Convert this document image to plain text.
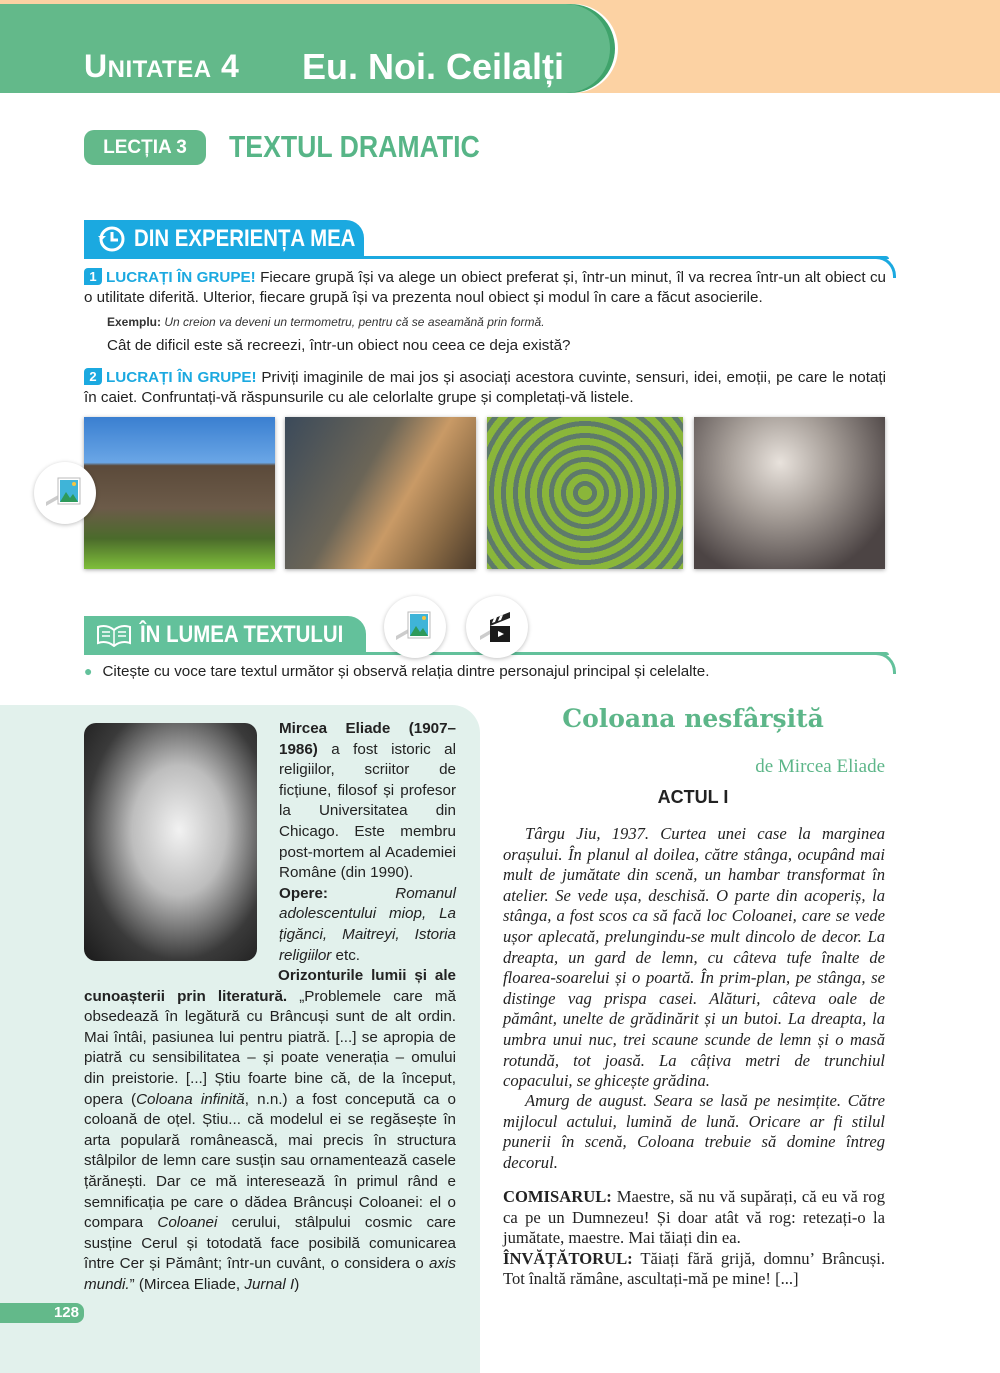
UNITATEA 4 Eu. Noi. Ceilalți
LECȚIA 3	TEXTUL DRAMATIC
DIN EXPERIENȚA MEA
1 LUCRAȚI ÎN GRUPE! Fiecare grupă își va alege un obiect preferat și, într-un minut, îl va recrea într-un alt obiect cu o utilitate diferită. Ulterior, fiecare grupă își va prezenta noul obiect și modul în care a făcut asocierile.
Exemplu: Un creion va deveni un termometru, pentru că se aseamănă prin formă.
Cât de dificil este să recreezi, într-un obiect nou ceea ce deja există?
2 LUCRAȚI ÎN GRUPE! Priviți imaginile de mai jos și asociați acestora cuvinte, sensuri, idei, emoții, pe care le notați în caiet. Confruntați-vă răspunsurile cu ale celorlalte grupe și completați-vă listele.
ÎN LUMEA TEXTULUI
● Citește cu voce tare textul următor și observă relația dintre personajul principal și celelalte.
Mircea Eliade (1907–1986) a fost istoric al religiilor, scriitor de ficțiune, filosof și profesor la Universitatea din Chicago. Este membru post-mortem al Academiei Române (din 1990).
Opere: Romanul adolescentului miop, La țigănci, Maitreyi, Istoria religiilor etc.
Orizonturile lumii și ale cunoașterii prin literatură. „Problemele care mă obsedează în legătură cu Brâncuși sunt de alt ordin. Mai întâi, pasiunea lui pentru piatră. [...] se apropia de piatră cu sensibilitatea – și poate venerația – omului din preistorie. [...] Știu foarte bine că, de la început, opera (Coloana infinită, n.n.) a fost concepută ca o coloană de oțel. Știu... că modelul ei se regăsește în arta populară românească, mai precis în structura stâlpilor de lemn care susțin sau ornamentează casele țărănești. Dar ce mă interesează în primul rând e semnificația pe care o dădea Brâncuși Coloanei: el o compara Coloanei cerului, stâlpului cosmic care susține Cerul și totodată face posibilă comunicarea între Cer și Pământ; într-un cuvânt, o considera o axis mundi.” (Mircea Eliade, Jurnal I)
128
Coloana nesfârșită
de Mircea Eliade
ACTUL I
Târgu Jiu, 1937. Curtea unei case la marginea orașului. În planul al doilea, către stânga, ocupând mai mult de jumătate din scenă, un hambar transformat în atelier. Se vede ușa, deschisă. O parte din acoperiș, la stânga, a fost scos ca să facă loc Coloanei, care se vede ușor aplecată, prelungindu-se mult dincolo de decor. La dreapta, un gard de lemn, cu câteva tufe înalte de floarea-soarelui și o poartă. În prim-plan, pe stânga, se distinge vag prispa casei. Alături, câteva oale de pământ, unelte de grădinărit și un butoi. La dreapta, la umbra unui nuc, trei scaune scunde de lemn și o masă rotundă, tot joasă. La câțiva metri de trunchiul copacului, se ghicește grădina.
Amurg de august. Seara se lasă pe nesimțite. Către mijlocul actului, lumină de lună. Oricare ar fi stilul punerii în scenă, Coloana trebuie să domine întreg decorul.
COMISARUL: Maestre, să nu vă supărați, că eu vă rog ca pe un Dumnezeu! Și doar atât vă rog: retezați-o la jumătate, maestre. Mai tăiați din ea.
ÎNVĂȚĂTORUL: Tăiați fără grijă, domnu’ Brâncuși. Tot înaltă rămâne, ascultați-mă pe mine! [...]
